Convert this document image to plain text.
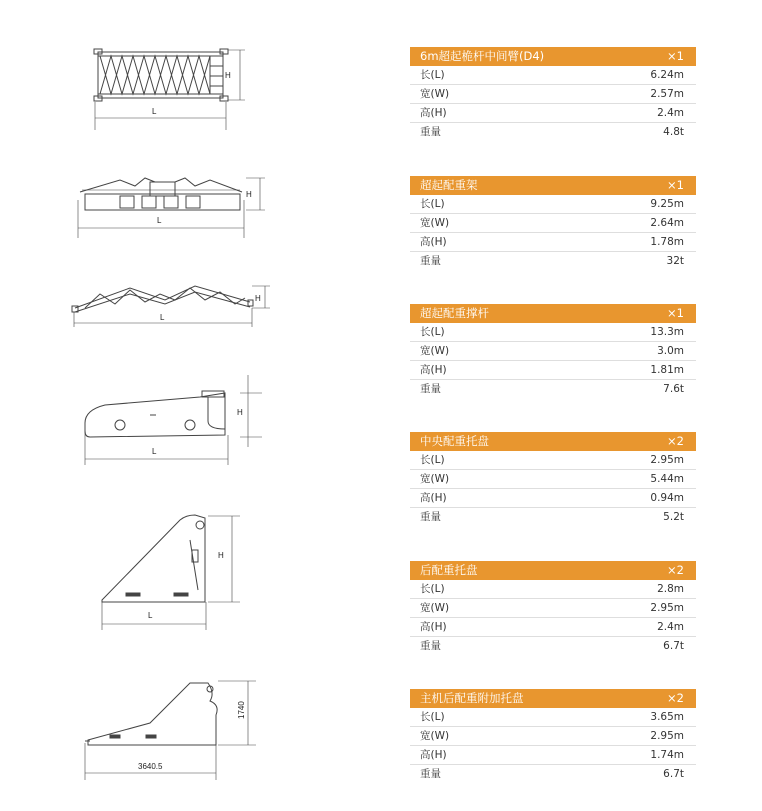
L
H
L
H
L
H
L
H
L
H
3640.5
1740
6m超起桅杆中间臂(D4)	×1
长(L)	6.24m
宽(W)	2.57m
高(H)	2.4m
重量	4.8t
超起配重架	×1
长(L)	9.25m
宽(W)	2.64m
高(H)	1.78m
重量	32t
超起配重撑杆	×1
长(L)	13.3m
宽(W)	3.0m
高(H)	1.81m
重量	7.6t
中央配重托盘	×2
长(L)	2.95m
宽(W)	5.44m
高(H)	0.94m
重量	5.2t
后配重托盘	×2
长(L)	2.8m
宽(W)	2.95m
高(H)	2.4m
重量	6.7t
主机后配重附加托盘	×2
长(L)	3.65m
宽(W)	2.95m
高(H)	1.74m
重量	6.7t
